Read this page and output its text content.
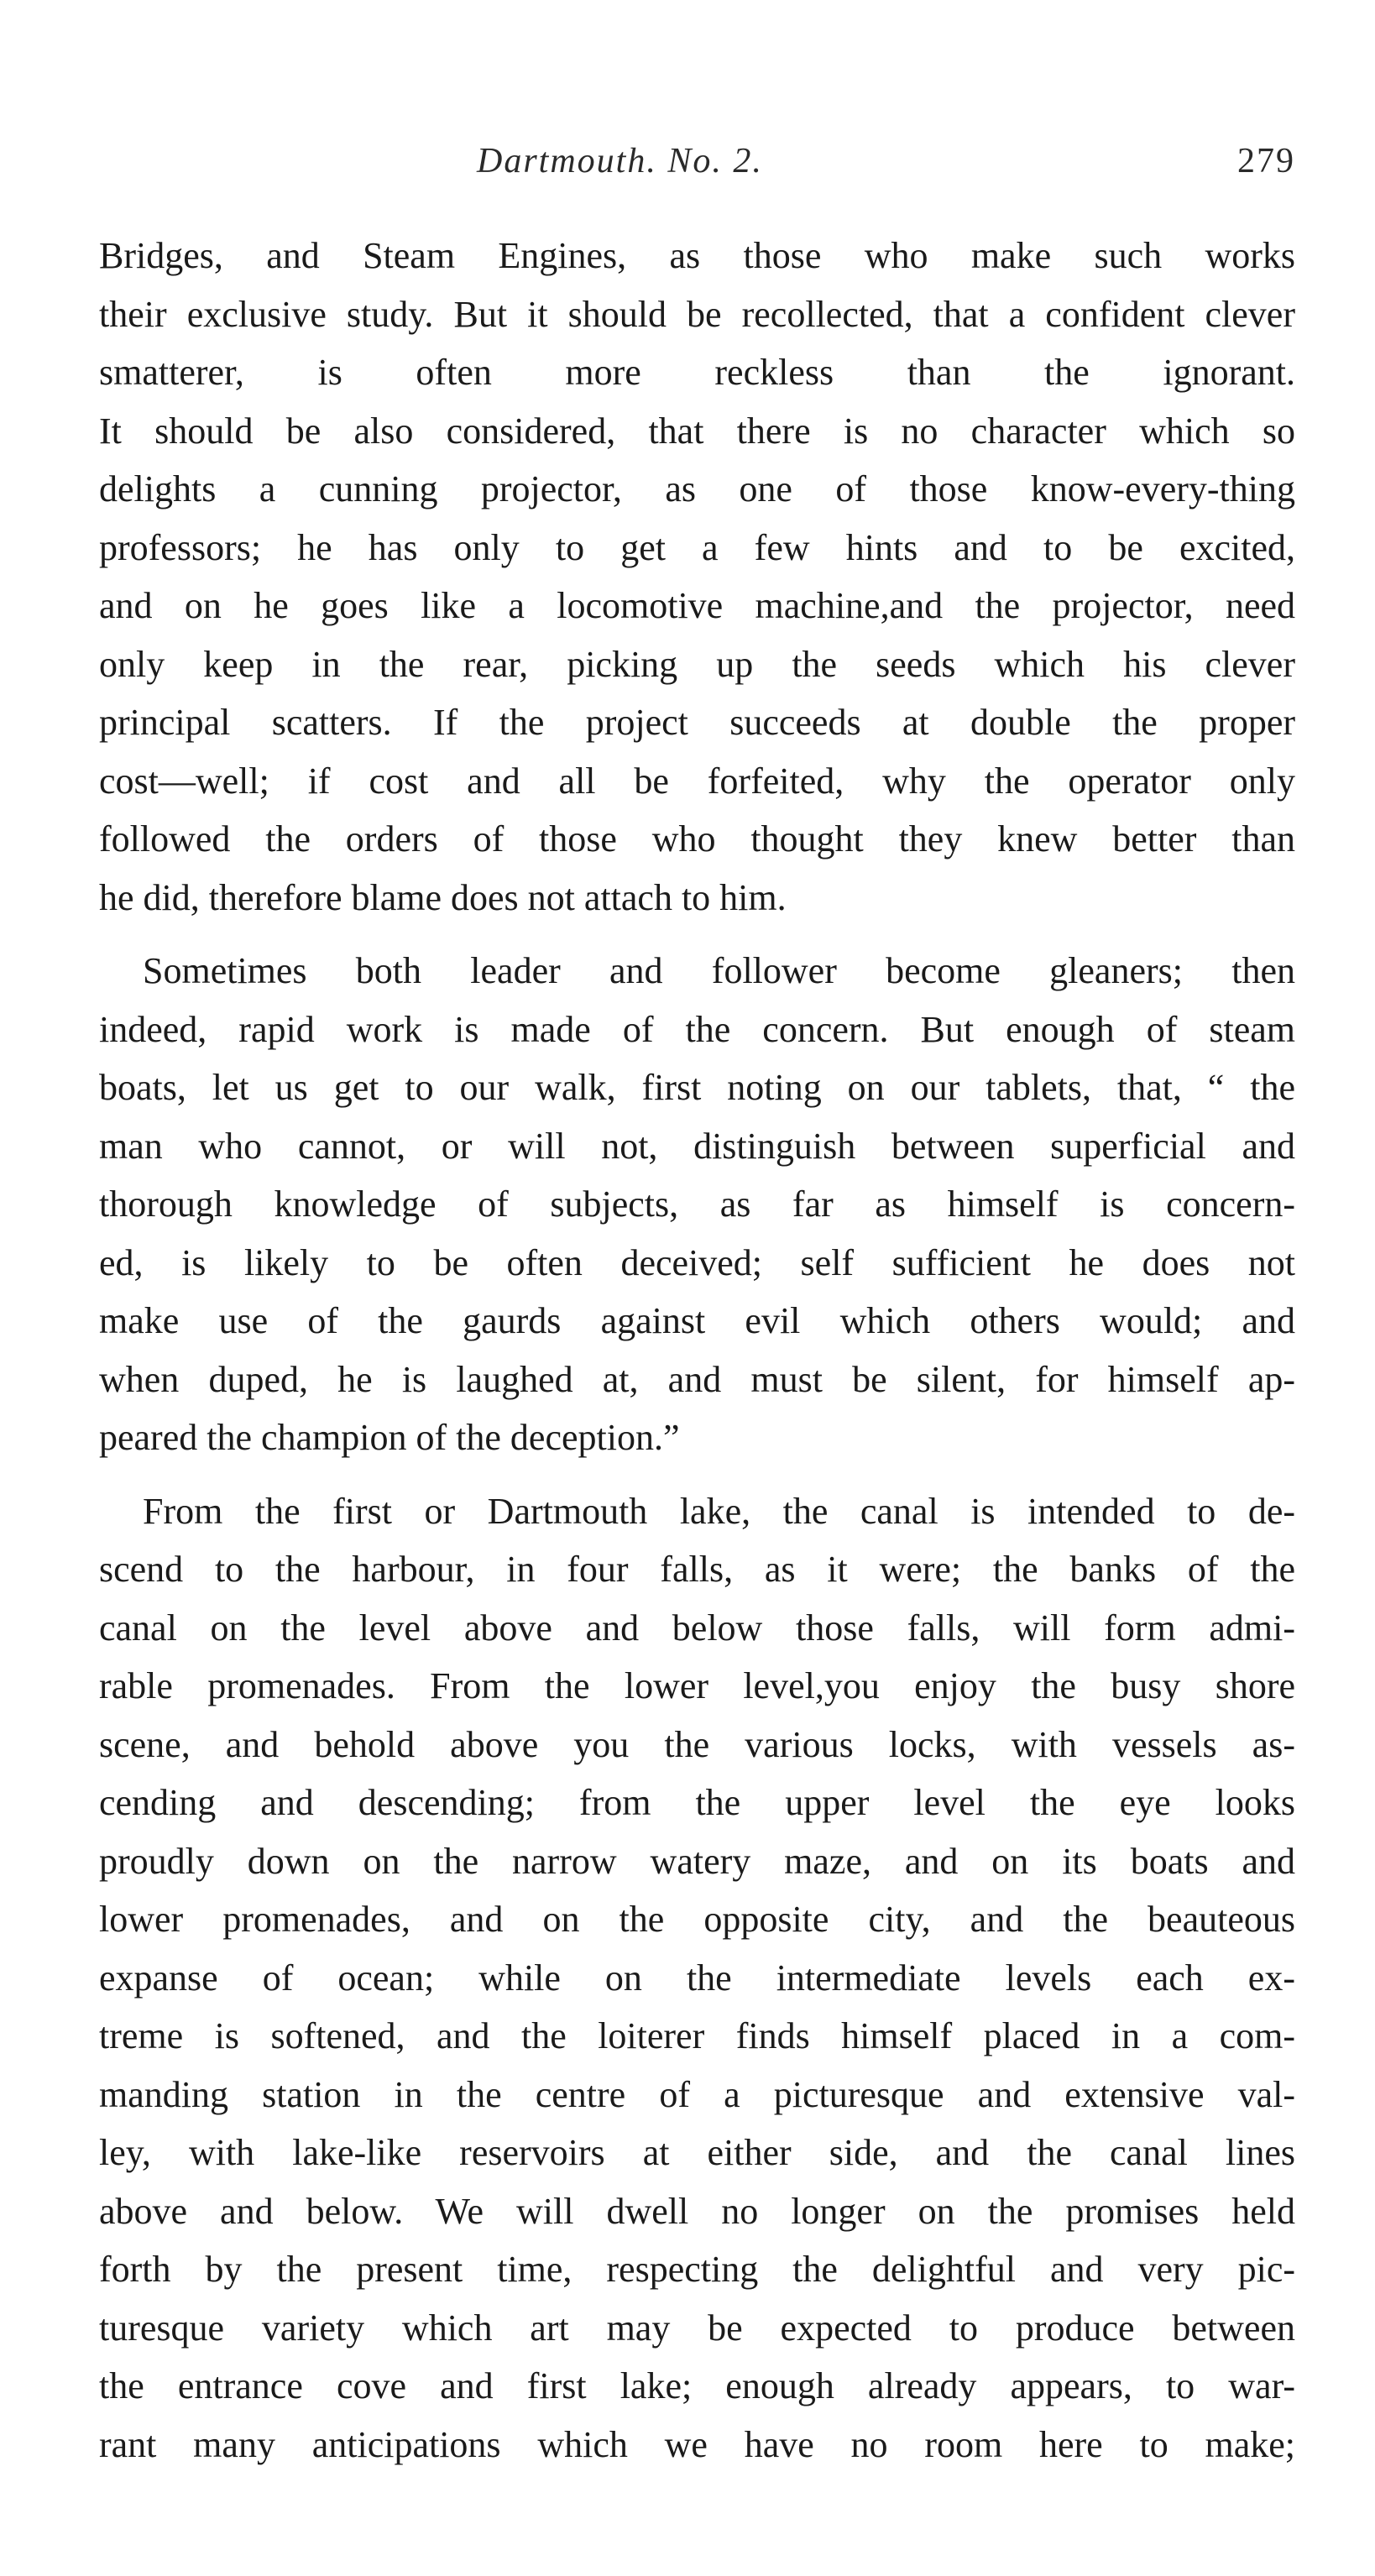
Dartmouth. No. 2.	279
Bridges, and Steam Engines, as those who make such works
their exclusive study. But it should be recollected, that a confident clever smatterer, is often more reckless than the ignorant.
It should be also considered, that there is no character which so
delights a cunning projector, as one of those know-every-thing
professors; he has only to get a few hints and to be excited,
and on he goes like a locomotive machine,and the projector, need
only keep in the rear, picking up the seeds which his clever
principal scatters. If the project succeeds at double the proper
cost—well; if cost and all be forfeited, why the operator only
followed the orders of those who thought they knew better than
he did, therefore blame does not attach to him.
Sometimes both leader and follower become gleaners; then
indeed, rapid work is made of the concern. But enough of steam
boats, let us get to our walk, first noting on our tablets, that, “ the
man who cannot, or will not, distinguish between superficial and
thorough knowledge of subjects, as far as himself is concern-
ed, is likely to be often deceived; self sufficient he does not
make use of the gaurds against evil which others would; and
when duped, he is laughed at, and must be silent, for himself ap-
peared the champion of the deception.”
From the first or Dartmouth lake, the canal is intended to de-
scend to the harbour, in four falls, as it were; the banks of the
canal on the level above and below those falls, will form admi-
rable promenades. From the lower level,you enjoy the busy shore
scene, and behold above you the various locks, with vessels as-
cending and descending; from the upper level the eye looks
proudly down on the narrow watery maze, and on its boats and
lower promenades, and on the opposite city, and the beauteous
expanse of ocean; while on the intermediate levels each ex-
treme is softened, and the loiterer finds himself placed in a com-
manding station in the centre of a picturesque and extensive val-
ley, with lake-like reservoirs at either side, and the canal lines
above and below. We will dwell no longer on the promises held
forth by the present time, respecting the delightful and very pic-
turesque variety which art may be expected to produce between
the entrance cove and first lake; enough already appears, to war-
rant many anticipations which we have no room here to make;
